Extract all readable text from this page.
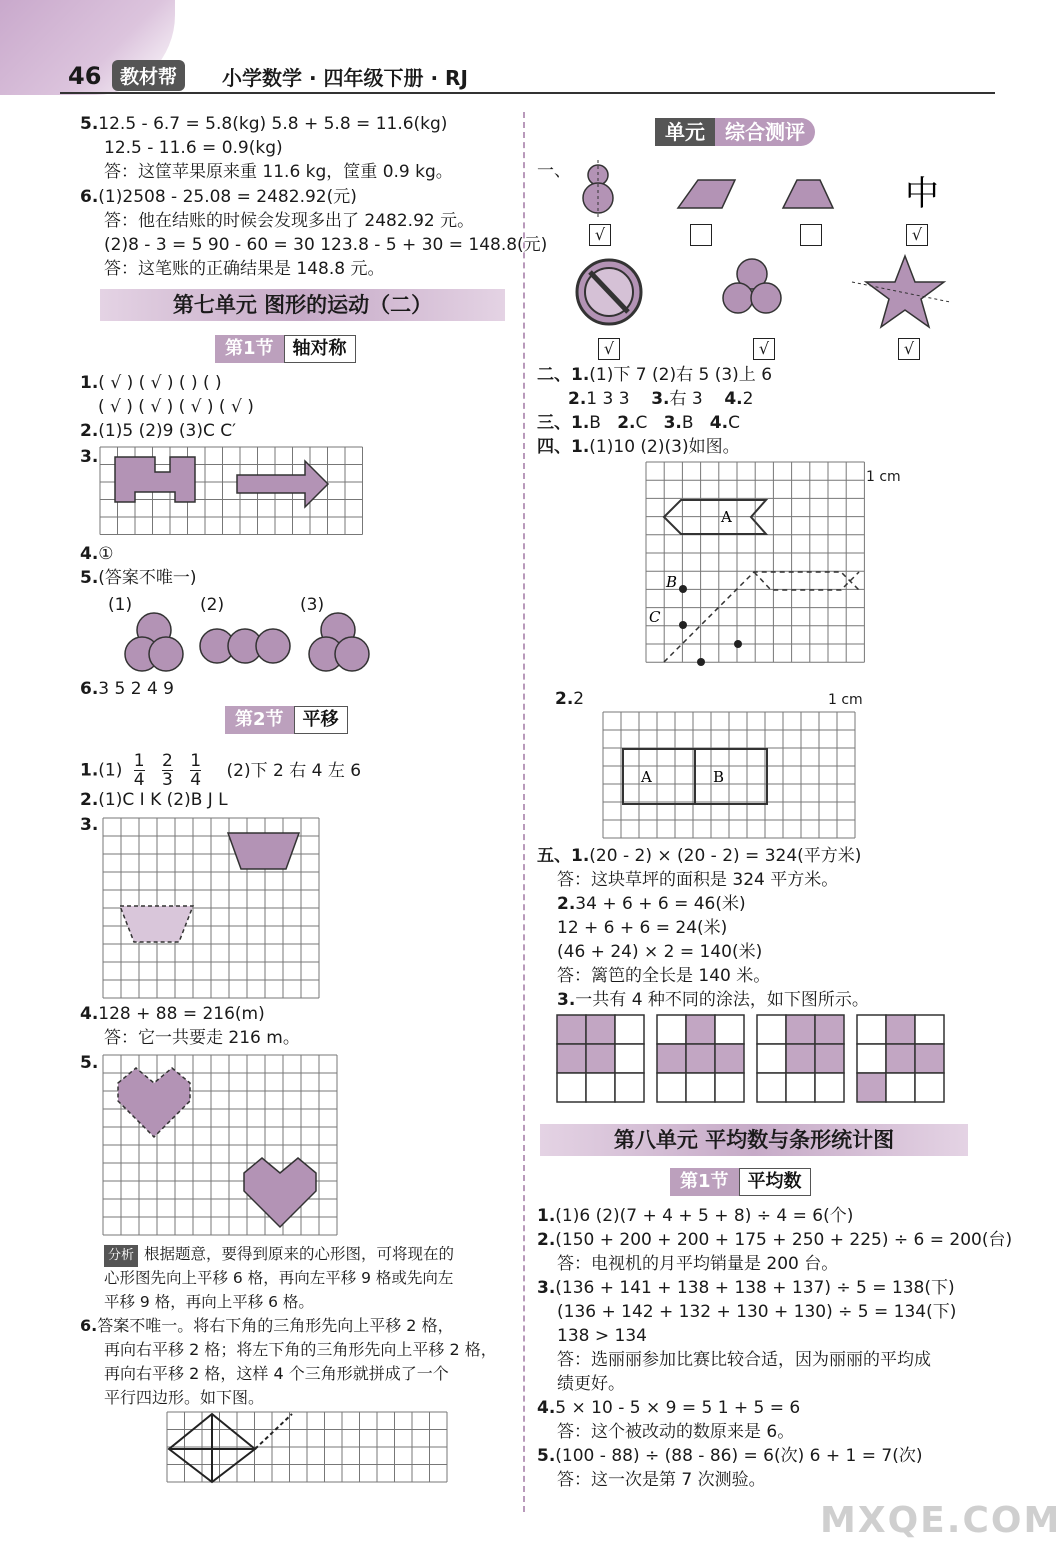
46 教材帮	小学数学 · 四年级下册 · RJ
5.12.5 - 6.7 = 5.8(kg) 5.8 + 5.8 = 11.6(kg)
12.5 - 11.6 = 0.9(kg)
答：这筐苹果原来重 11.6 kg，筐重 0.9 kg。
6.(1)2508 - 25.08 = 2482.92(元)
答：他在结账的时候会发现多出了 2482.92 元。
(2)8 - 3 = 5 90 - 60 = 30 123.8 - 5 + 30 = 148.8(元)
答：这笔账的正确结果是 148.8 元。
第七单元 图形的运动（二）
第1节 轴对称
1.( √ ) ( √ ) ( ) ( )
( √ ) ( √ ) ( √ ) ( √ )
2.(1)5 (2)9 (3)C C′
3.
4.①
5.(答案不唯一)
(1)	(2)	(3)
6.3 5 2 4 9
第2节 平移
$1.(1) \frac{1}{4}$
$\frac{2}{3}$
$\frac{1}{4} (2)$下 2 右 4 左 6
2.(1)C I K (2)B J L
3.
4.128 + 88 = 216(m)
答：它一共要走 216 m。
5.
分析 根据题意，要得到原来的心形图，可将现在的
心形图先向上平移 6 格，再向左平移 9 格或先向左
平移 9 格，再向上平移 6 格。
6.答案不唯一。将右下角的三角形先向上平移 2 格，
再向右平移 2 格；将左下角的三角形先向上平移 2 格，
再向右平移 2 格，这样 4 个三角形就拼成了一个
平行四边形。如下图。
单元 综合测评
一、
中
√	√
√	√	√
二、1.(1)下 7 (2)右 5 (3)上 6
2.1 3 3 3.右 3 4.2
三、1.B 2.C 3.B 4.C
四、1.(1)10 (2)(3)如图。
A
B
C
1 cm
2.2	1 cm
A	B
五、1.(20 - 2) × (20 - 2) = 324(平方米)
答：这块草坪的面积是 324 平方米。
2.34 + 6 + 6 = 46(米)
12 + 6 + 6 = 24(米)
(46 + 24) × 2 = 140(米)
答：篱笆的全长是 140 米。
3.一共有 4 种不同的涂法，如下图所示。
第八单元 平均数与条形统计图
第1节 平均数
1.(1)6 (2)(7 + 4 + 5 + 8) ÷ 4 = 6(个)
2.(150 + 200 + 200 + 175 + 250 + 225) ÷ 6 = 200(台)
答：电视机的月平均销量是 200 台。
3.(136 + 141 + 138 + 138 + 137) ÷ 5 = 138(下)
(136 + 142 + 132 + 130 + 130) ÷ 5 = 134(下)
138 > 134
答：选丽丽参加比赛比较合适，因为丽丽的平均成
绩更好。
4.5 × 10 - 5 × 9 = 5 1 + 5 = 6
答：这个被改动的数原来是 6。
5.(100 - 88) ÷ (88 - 86) = 6(次) 6 + 1 = 7(次)
答：这一次是第 7 次测验。
MXQE.COM
